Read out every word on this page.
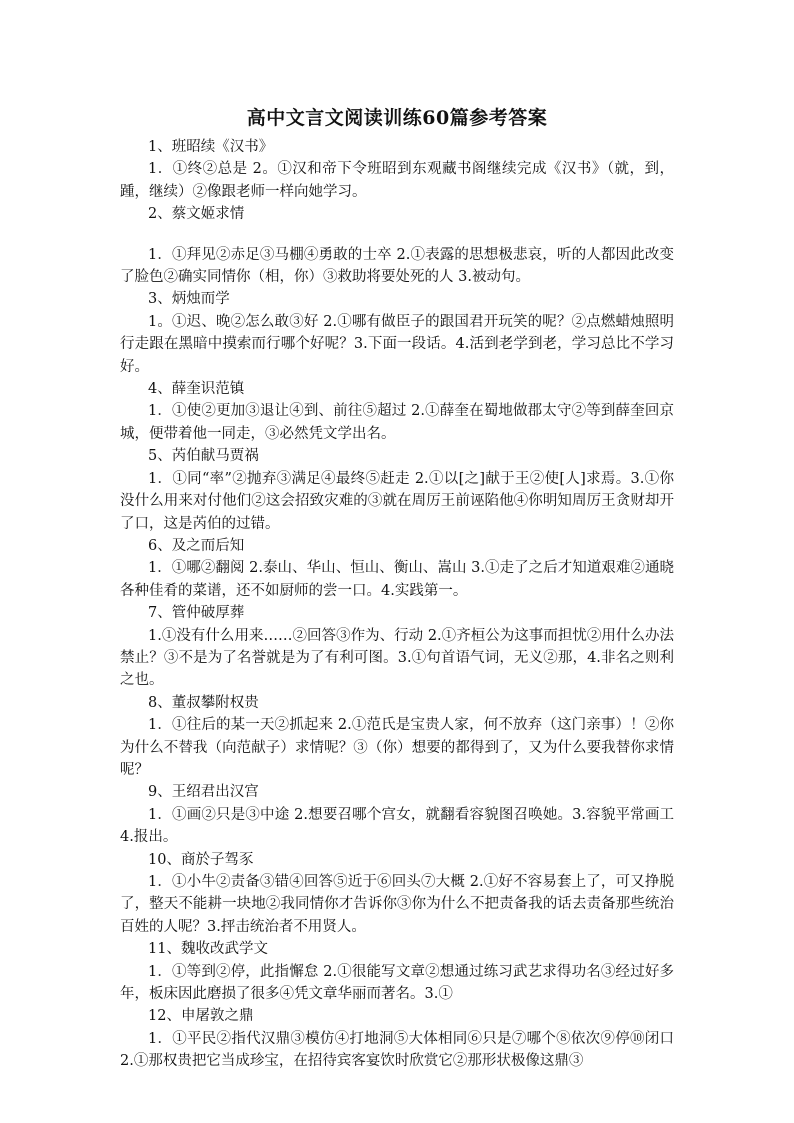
高中文言文阅读训练60篇参考答案

1、班昭续《汉书》

1．①终②总是 2。①汉和帝下令班昭到东观藏书阁继续完成《汉书》（就，到，踵，继续）②像跟老师一样向她学习。

2、蔡文姬求情

1．①拜见②赤足③马棚④勇敢的士卒 2.①表露的思想极悲哀，听的人都因此改变了脸色②确实同情你（相，你）③救助将要处死的人 3.被动句。

3、炳烛而学

1。①迟、晚②怎么敢③好 2.①哪有做臣子的跟国君开玩笑的呢？②点燃蜡烛照明行走跟在黑暗中摸索而行哪个好呢？3.下面一段话。4.活到老学到老，学习总比不学习好。

4、薛奎识范镇

1．①使②更加③退让④到、前往⑤超过 2.①薛奎在蜀地做郡太守②等到薛奎回京城，便带着他一同走，③必然凭文学出名。

5、芮伯献马贾祸

1．①同“率”②抛弃③满足④最终⑤赶走 2.①以[之]献于王②使[人]求焉。3.①你没什么用来对付他们②这会招致灾难的③就在周厉王前诬陷他④你明知周厉王贪财却开了口，这是芮伯的过错。

6、及之而后知

1．①哪②翻阅 2.泰山、华山、恒山、衡山、嵩山 3.①走了之后才知道艰难②通晓各种佳肴的菜谱，还不如厨师的尝一口。4.实践第一。

7、管仲破厚葬

1.①没有什么用来……②回答③作为、行动 2.①齐桓公为这事而担忧②用什么办法禁止？③不是为了名誉就是为了有利可图。3.①句首语气词，无义②那，4.非名之则利之也。

8、董叔攀附权贵

1．①往后的某一天②抓起来 2.①范氏是宝贵人家，何不放弃（这门亲事）！②你为什么不替我（向范献子）求情呢？③（你）想要的都得到了，又为什么要我替你求情呢？

9、王绍君出汉宫

1．①画②只是③中途 2.想要召哪个宫女，就翻看容貌图召唤她。3.容貌平常画工 4.报出。

10、商於子驾豕

1．①小牛②责备③错④回答⑤近于⑥回头⑦大概 2.①好不容易套上了，可又挣脱了，整天不能耕一块地②我同情你才告诉你③你为什么不把责备我的话去责备那些统治百姓的人呢？3.抨击统治者不用贤人。

11、魏收改武学文

1．①等到②停，此指懈怠 2.①很能写文章②想通过练习武艺求得功名③经过好多年，板床因此磨损了很多④凭文章华丽而著名。3.①

12、申屠敦之鼎

1．①平民②指代汉鼎③模仿④打地洞⑤大体相同⑥只是⑦哪个⑧依次⑨停⑩闭口 2.①那权贵把它当成珍宝，在招待宾客宴饮时欣赏它②那形状极像这鼎③
